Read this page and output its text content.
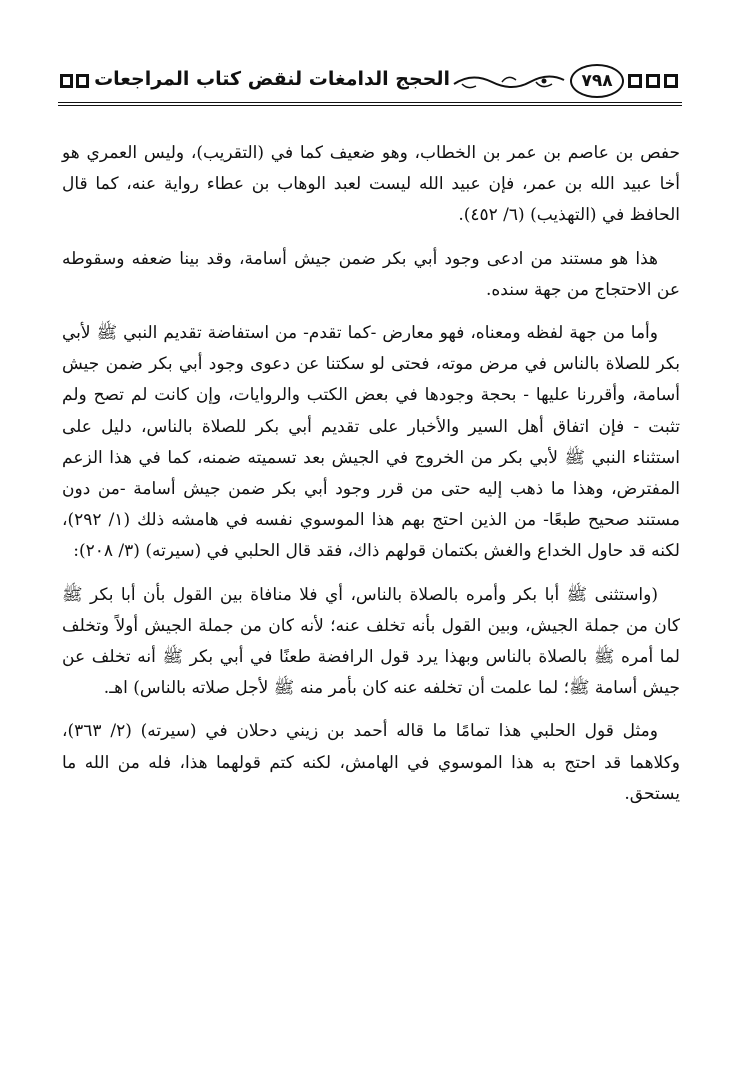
٧٩٨
الحجج الدامغات لنقض كتاب المراجعات

حفص بن عاصم بن عمر بن الخطاب، وهو ضعيف كما في (التقريب)، وليس العمري هو أخا عبيد الله بن عمر، فإن عبيد الله ليست لعبد الوهاب بن عطاء رواية عنه، كما قال الحافظ في (التهذيب) (٦/ ٤٥٢).

هذا هو مستند من ادعى وجود أبي بكر ضمن جيش أسامة، وقد بينا ضعفه وسقوطه عن الاحتجاج من جهة سنده.

وأما من جهة لفظه ومعناه، فهو معارض -كما تقدم- من استفاضة تقديم النبي ﷺ لأبي بكر للصلاة بالناس في مرض موته، فحتى لو سكتنا عن دعوى وجود أبي بكر ضمن جيش أسامة، وأقررنا عليها - بحجة وجودها في بعض الكتب والروايات، وإن كانت لم تصح ولم تثبت - فإن اتفاق أهل السير والأخبار على تقديم أبي بكر للصلاة بالناس، دليل على استثناء النبي ﷺ لأبي بكر من الخروج في الجيش بعد تسميته ضمنه، كما في هذا الزعم المفترض، وهذا ما ذهب إليه حتى من قرر وجود أبي بكر ضمن جيش أسامة -من دون مستند صحيح طبعًا- من الذين احتج بهم هذا الموسوي نفسه في هامشه ذلك (١/ ٢٩٢)، لكنه قد حاول الخداع والغش بكتمان قولهم ذاك، فقد قال الحلبي في (سيرته) (٣/ ٢٠٨):

(واستثنى ﷺ أبا بكر وأمره بالصلاة بالناس، أي فلا منافاة بين القول بأن أبا بكر ﷺ كان من جملة الجيش، وبين القول بأنه تخلف عنه؛ لأنه كان من جملة الجيش أولاً وتخلف لما أمره ﷺ بالصلاة بالناس وبهذا يرد قول الرافضة طعنًا في أبي بكر ﷺ أنه تخلف عن جيش أسامة ﷺ؛ لما علمت أن تخلفه عنه كان بأمر منه ﷺ لأجل صلاته بالناس) اهـ.

ومثل قول الحلبي هذا تمامًا ما قاله أحمد بن زيني دحلان في (سيرته) (٢/ ٣٦٣)، وكلاهما قد احتج به هذا الموسوي في الهامش، لكنه كتم قولهما هذا، فله من الله ما يستحق.
